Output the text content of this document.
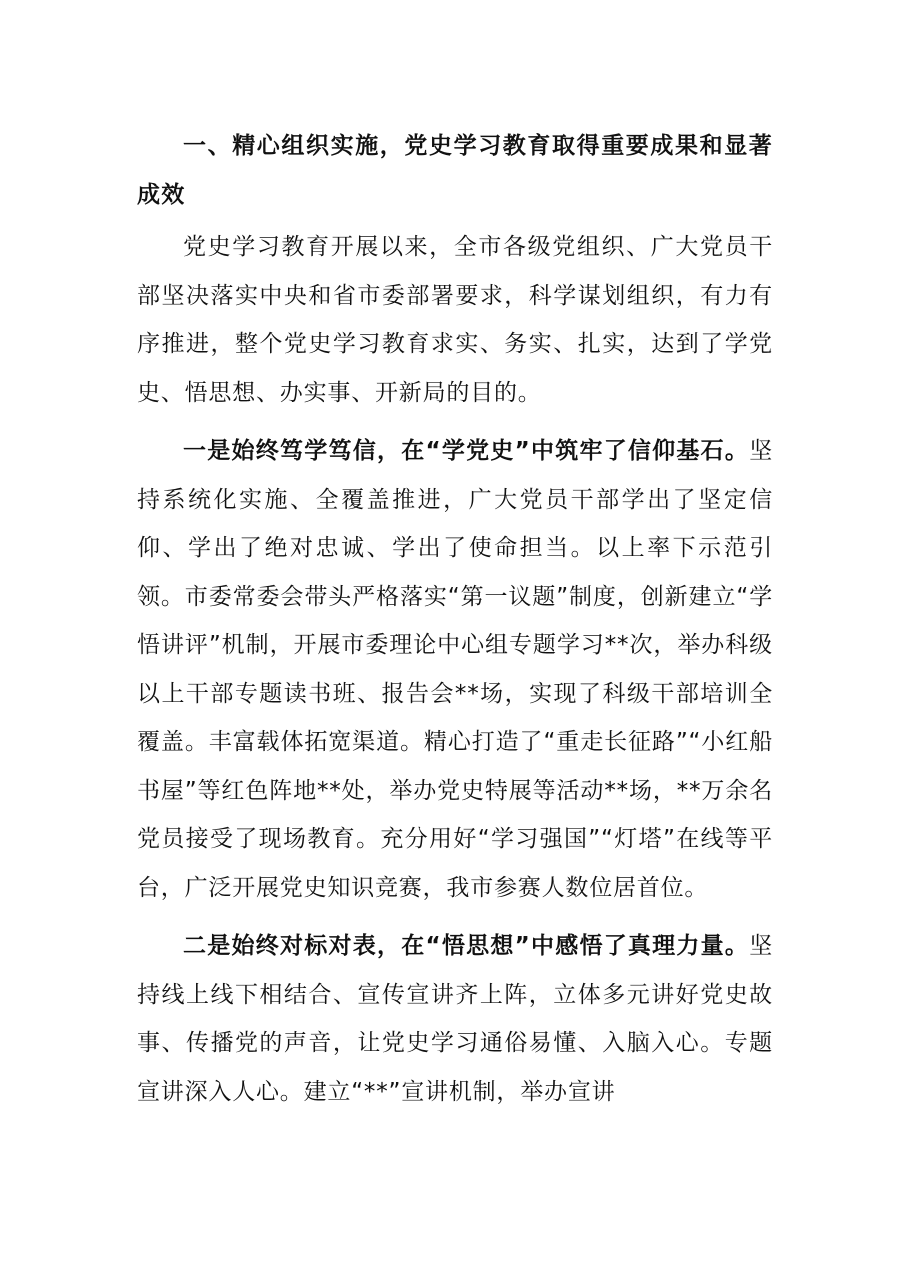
一、精心组织实施，党史学习教育取得重要成果和显著成效

党史学习教育开展以来，全市各级党组织、广大党员干部坚决落实中央和省市委部署要求，科学谋划组织，有力有序推进，整个党史学习教育求实、务实、扎实，达到了学党史、悟思想、办实事、开新局的目的。

一是始终笃学笃信，在“学党史”中筑牢了信仰基石。坚持系统化实施、全覆盖推进，广大党员干部学出了坚定信仰、学出了绝对忠诚、学出了使命担当。以上率下示范引领。市委常委会带头严格落实“第一议题”制度，创新建立“学悟讲评”机制，开展市委理论中心组专题学习**次，举办科级以上干部专题读书班、报告会**场，实现了科级干部培训全覆盖。丰富载体拓宽渠道。精心打造了“重走长征路”“小红船书屋”等红色阵地**处，举办党史特展等活动**场，**万余名党员接受了现场教育。充分用好“学习强国”“灯塔”在线等平台，广泛开展党史知识竞赛，我市参赛人数位居首位。

二是始终对标对表，在“悟思想”中感悟了真理力量。坚持线上线下相结合、宣传宣讲齐上阵，立体多元讲好党史故事、传播党的声音，让党史学习通俗易懂、入脑入心。专题宣讲深入人心。建立“**”宣讲机制，举办宣讲
